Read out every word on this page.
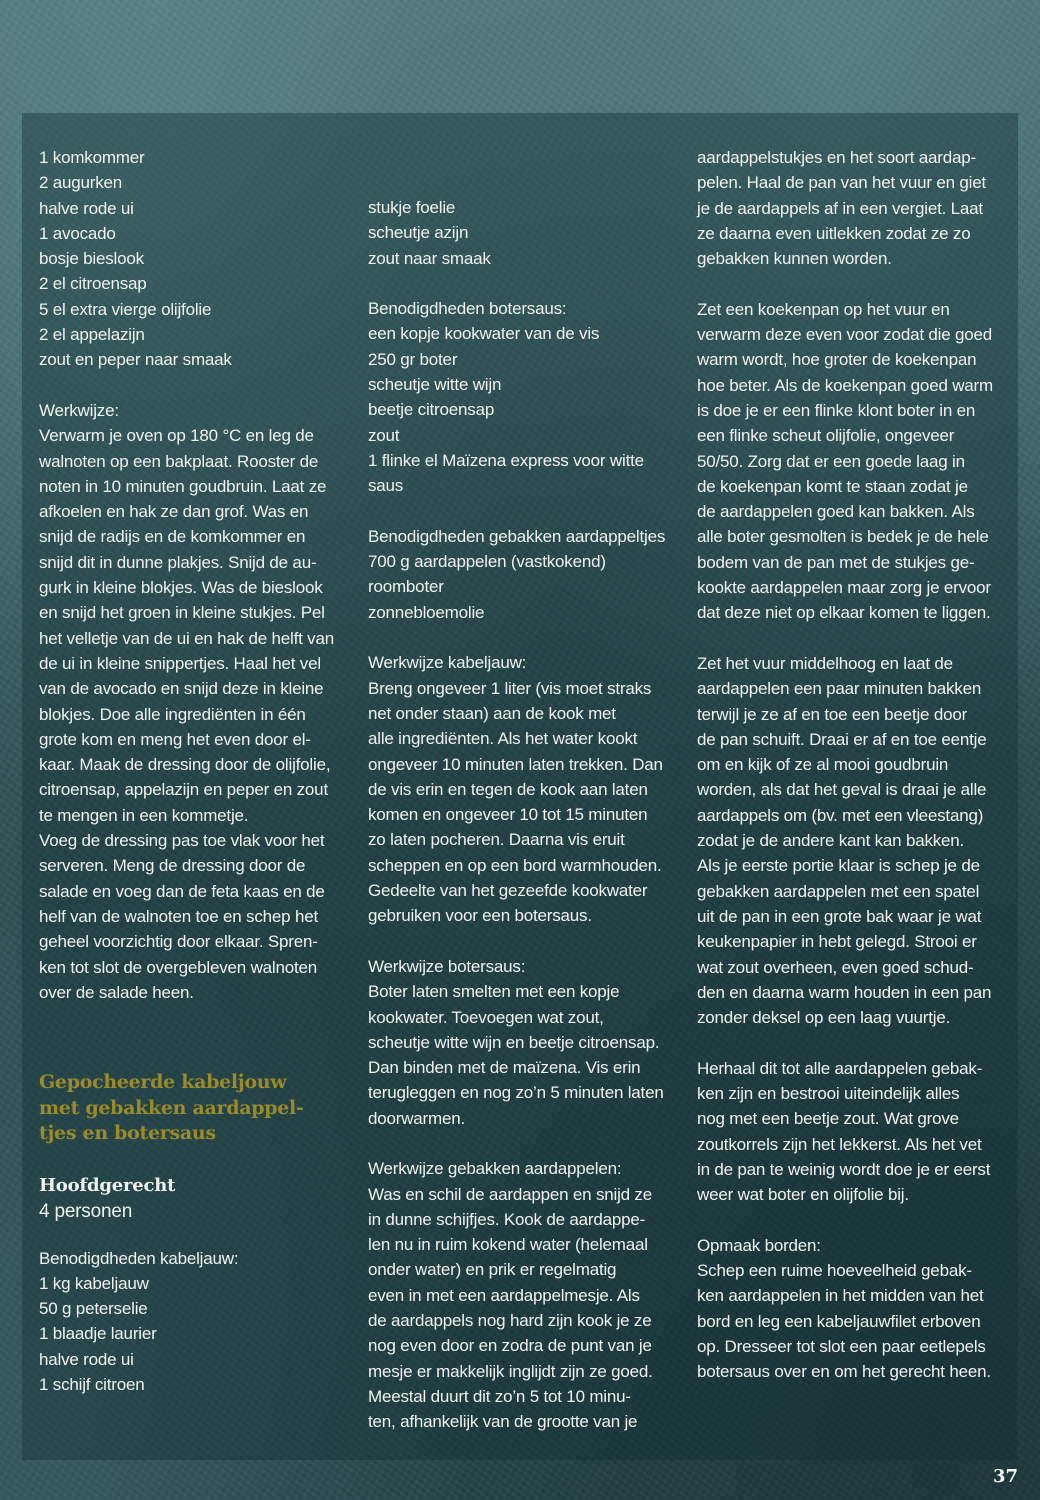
1 komkommer
2 augurken
halve rode ui
1 avocado
bosje bieslook
2 el citroensap
5 el extra vierge olijfolie
2 el appelazijn
zout en peper naar smaak
Werkwijze:
Verwarm je oven op 180 °C en leg de
walnoten op een bakplaat. Rooster de
noten in 10 minuten goudbruin. Laat ze
afkoelen en hak ze dan grof. Was en
snijd de radijs en de komkommer en
snijd dit in dunne plakjes. Snijd de au-
gurk in kleine blokjes. Was de bieslook
en snijd het groen in kleine stukjes. Pel
het velletje van de ui en hak de helft van
de ui in kleine snippertjes. Haal het vel
van de avocado en snijd deze in kleine
blokjes. Doe alle ingrediënten in één
grote kom en meng het even door el-
kaar. Maak de dressing door de olijfolie,
citroensap, appelazijn en peper en zout
te mengen in een kommetje.
Voeg de dressing pas toe vlak voor het
serveren. Meng de dressing door de
salade en voeg dan de feta kaas en de
helf van de walnoten toe en schep het
geheel voorzichtig door elkaar. Spren-
ken tot slot de overgebleven walnoten
over de salade heen.
Gepocheerde kabeljouw
met gebakken aardappel-
tjes en botersaus
Hoofdgerecht
4 personen
Benodigdheden kabeljauw:
1 kg kabeljauw
50 g peterselie
1 blaadje laurier
halve rode ui
1 schijf citroen
stukje foelie
scheutje azijn
zout naar smaak
Benodigdheden botersaus:
een kopje kookwater van de vis
250 gr boter
scheutje witte wijn
beetje citroensap
zout
1 flinke el Maïzena express voor witte
saus
Benodigdheden gebakken aardappeltjes
700 g aardappelen (vastkokend)
roomboter
zonnebloemolie
Werkwijze kabeljauw:
Breng ongeveer 1 liter (vis moet straks
net onder staan) aan de kook met
alle ingrediënten. Als het water kookt
ongeveer 10 minuten laten trekken. Dan
de vis erin en tegen de kook aan laten
komen en ongeveer 10 tot 15 minuten
zo laten pocheren. Daarna vis eruit
scheppen en op een bord warmhouden.
Gedeelte van het gezeefde kookwater
gebruiken voor een botersaus.
Werkwijze botersaus:
Boter laten smelten met een kopje
kookwater. Toevoegen wat zout,
scheutje witte wijn en beetje citroensap.
Dan binden met de maïzena. Vis erin
terugleggen en nog zo’n 5 minuten laten
doorwarmen.
Werkwijze gebakken aardappelen:
Was en schil de aardappen en snijd ze
in dunne schijfjes. Kook de aardappe-
len nu in ruim kokend water (helemaal
onder water) en prik er regelmatig
even in met een aardappelmesje. Als
de aardappels nog hard zijn kook je ze
nog even door en zodra de punt van je
mesje er makkelijk inglijdt zijn ze goed.
Meestal duurt dit zo’n 5 tot 10 minu-
ten, afhankelijk van de grootte van je
aardappelstukjes en het soort aardap-
pelen. Haal de pan van het vuur en giet
je de aardappels af in een vergiet. Laat
ze daarna even uitlekken zodat ze zo
gebakken kunnen worden.
Zet een koekenpan op het vuur en
verwarm deze even voor zodat die goed
warm wordt, hoe groter de koekenpan
hoe beter. Als de koekenpan goed warm
is doe je er een flinke klont boter in en
een flinke scheut olijfolie, ongeveer
50/50. Zorg dat er een goede laag in
de koekenpan komt te staan zodat je
de aardappelen goed kan bakken. Als
alle boter gesmolten is bedek je de hele
bodem van de pan met de stukjes ge-
kookte aardappelen maar zorg je ervoor
dat deze niet op elkaar komen te liggen.
Zet het vuur middelhoog en laat de
aardappelen een paar minuten bakken
terwijl je ze af en toe een beetje door
de pan schuift. Draai er af en toe eentje
om en kijk of ze al mooi goudbruin
worden, als dat het geval is draai je alle
aardappels om (bv. met een vleestang)
zodat je de andere kant kan bakken.
Als je eerste portie klaar is schep je de
gebakken aardappelen met een spatel
uit de pan in een grote bak waar je wat
keukenpapier in hebt gelegd. Strooi er
wat zout overheen, even goed schud-
den en daarna warm houden in een pan
zonder deksel op een laag vuurtje.
Herhaal dit tot alle aardappelen gebak-
ken zijn en bestrooi uiteindelijk alles
nog met een beetje zout. Wat grove
zoutkorrels zijn het lekkerst. Als het vet
in de pan te weinig wordt doe je er eerst
weer wat boter en olijfolie bij.
Opmaak borden:
Schep een ruime hoeveelheid gebak-
ken aardappelen in het midden van het
bord en leg een kabeljauwfilet erboven
op. Dresseer tot slot een paar eetlepels
botersaus over en om het gerecht heen.
37
